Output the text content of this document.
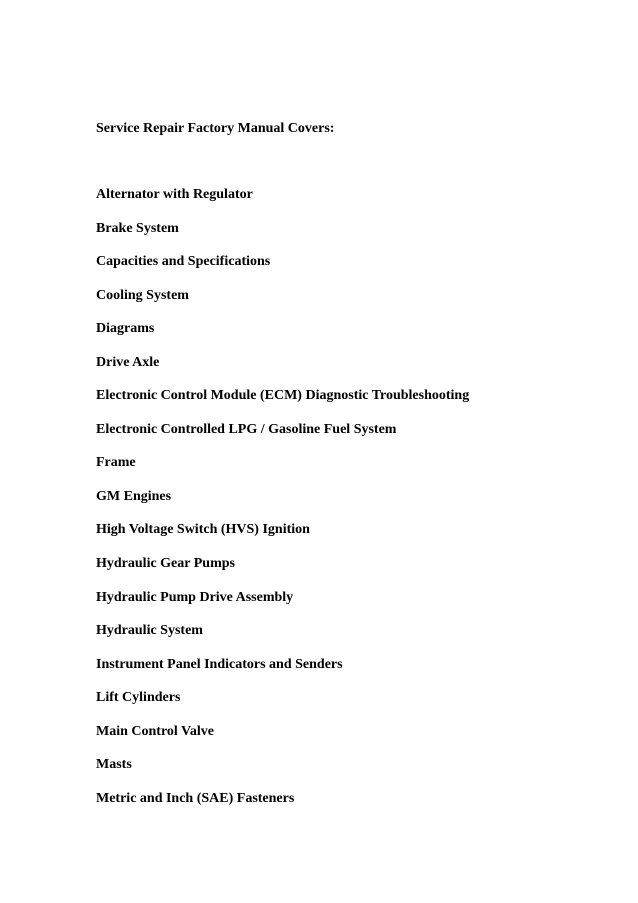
Service Repair Factory Manual Covers:
Alternator with Regulator
Brake System
Capacities and Specifications
Cooling System
Diagrams
Drive Axle
Electronic Control Module (ECM) Diagnostic Troubleshooting
Electronic Controlled LPG / Gasoline Fuel System
Frame
GM Engines
High Voltage Switch (HVS) Ignition
Hydraulic Gear Pumps
Hydraulic Pump Drive Assembly
Hydraulic System
Instrument Panel Indicators and Senders
Lift Cylinders
Main Control Valve
Masts
Metric and Inch (SAE) Fasteners
